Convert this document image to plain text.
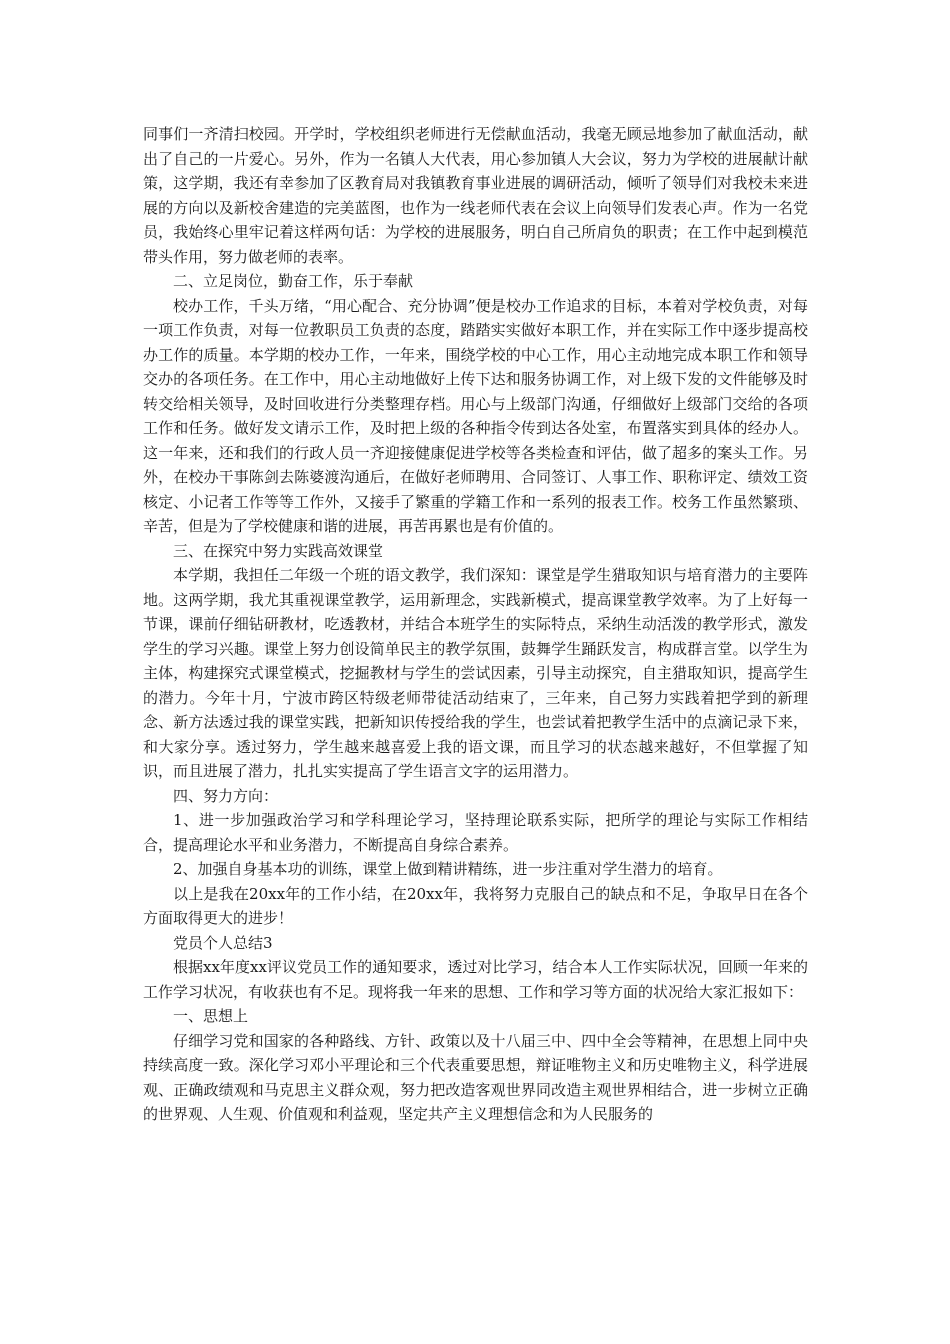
同事们一齐清扫校园。开学时，学校组织老师进行无偿献血活动，我毫无顾忌地参加了献血活动，献出了自己的一片爱心。另外，作为一名镇人大代表，用心参加镇人大会议，努力为学校的进展献计献策，这学期，我还有幸参加了区教育局对我镇教育事业进展的调研活动，倾听了领导们对我校未来进展的方向以及新校舍建造的完美蓝图，也作为一线老师代表在会议上向领导们发表心声。作为一名党员，我始终心里牢记着这样两句话：为学校的进展服务，明白自己所肩负的职责；在工作中起到模范带头作用，努力做老师的表率。

二、立足岗位，勤奋工作，乐于奉献

校办工作，千头万绪，“用心配合、充分协调”便是校办工作追求的目标，本着对学校负责，对每一项工作负责，对每一位教职员工负责的态度，踏踏实实做好本职工作，并在实际工作中逐步提高校办工作的质量。本学期的校办工作，一年来，围绕学校的中心工作，用心主动地完成本职工作和领导交办的各项任务。在工作中，用心主动地做好上传下达和服务协调工作，对上级下发的文件能够及时转交给相关领导，及时回收进行分类整理存档。用心与上级部门沟通，仔细做好上级部门交给的各项工作和任务。做好发文请示工作，及时把上级的各种指令传到达各处室，布置落实到具体的经办人。这一年来，还和我们的行政人员一齐迎接健康促进学校等各类检查和评估，做了超多的案头工作。另外，在校办干事陈剑去陈婆渡沟通后，在做好老师聘用、合同签订、人事工作、职称评定、绩效工资核定、小记者工作等等工作外，又接手了繁重的学籍工作和一系列的报表工作。校务工作虽然繁琐、辛苦，但是为了学校健康和谐的进展，再苦再累也是有价值的。

三、在探究中努力实践高效课堂

本学期，我担任二年级一个班的语文教学，我们深知：课堂是学生猎取知识与培育潜力的主要阵地。这两学期，我尤其重视课堂教学，运用新理念，实践新模式，提高课堂教学效率。为了上好每一节课，课前仔细钻研教材，吃透教材，并结合本班学生的实际特点，采纳生动活泼的教学形式，激发学生的学习兴趣。课堂上努力创设简单民主的教学氛围，鼓舞学生踊跃发言，构成群言堂。以学生为主体，构建探究式课堂模式，挖掘教材与学生的尝试因素，引导主动探究，自主猎取知识，提高学生的潜力。今年十月，宁波市跨区特级老师带徒活动结束了，三年来，自己努力实践着把学到的新理念、新方法透过我的课堂实践，把新知识传授给我的学生，也尝试着把教学生活中的点滴记录下来，和大家分享。透过努力，学生越来越喜爱上我的语文课，而且学习的状态越来越好，不但掌握了知识，而且进展了潜力，扎扎实实提高了学生语言文字的运用潜力。

四、努力方向：

1、进一步加强政治学习和学科理论学习，坚持理论联系实际，把所学的理论与实际工作相结合，提高理论水平和业务潜力，不断提高自身综合素养。

2、加强自身基本功的训练，课堂上做到精讲精练，进一步注重对学生潜力的培育。

以上是我在20xx年的工作小结，在20xx年，我将努力克服自己的缺点和不足，争取早日在各个方面取得更大的进步！

党员个人总结3

根据xx年度xx评议党员工作的通知要求，透过对比学习，结合本人工作实际状况，回顾一年来的工作学习状况，有收获也有不足。现将我一年来的思想、工作和学习等方面的状况给大家汇报如下：

一、思想上

仔细学习党和国家的各种路线、方针、政策以及十八届三中、四中全会等精神，在思想上同中央持续高度一致。深化学习邓小平理论和三个代表重要思想，辩证唯物主义和历史唯物主义，科学进展观、正确政绩观和马克思主义群众观，努力把改造客观世界同改造主观世界相结合，进一步树立正确的世界观、人生观、价值观和利益观，坚定共产主义理想信念和为人民服务的
